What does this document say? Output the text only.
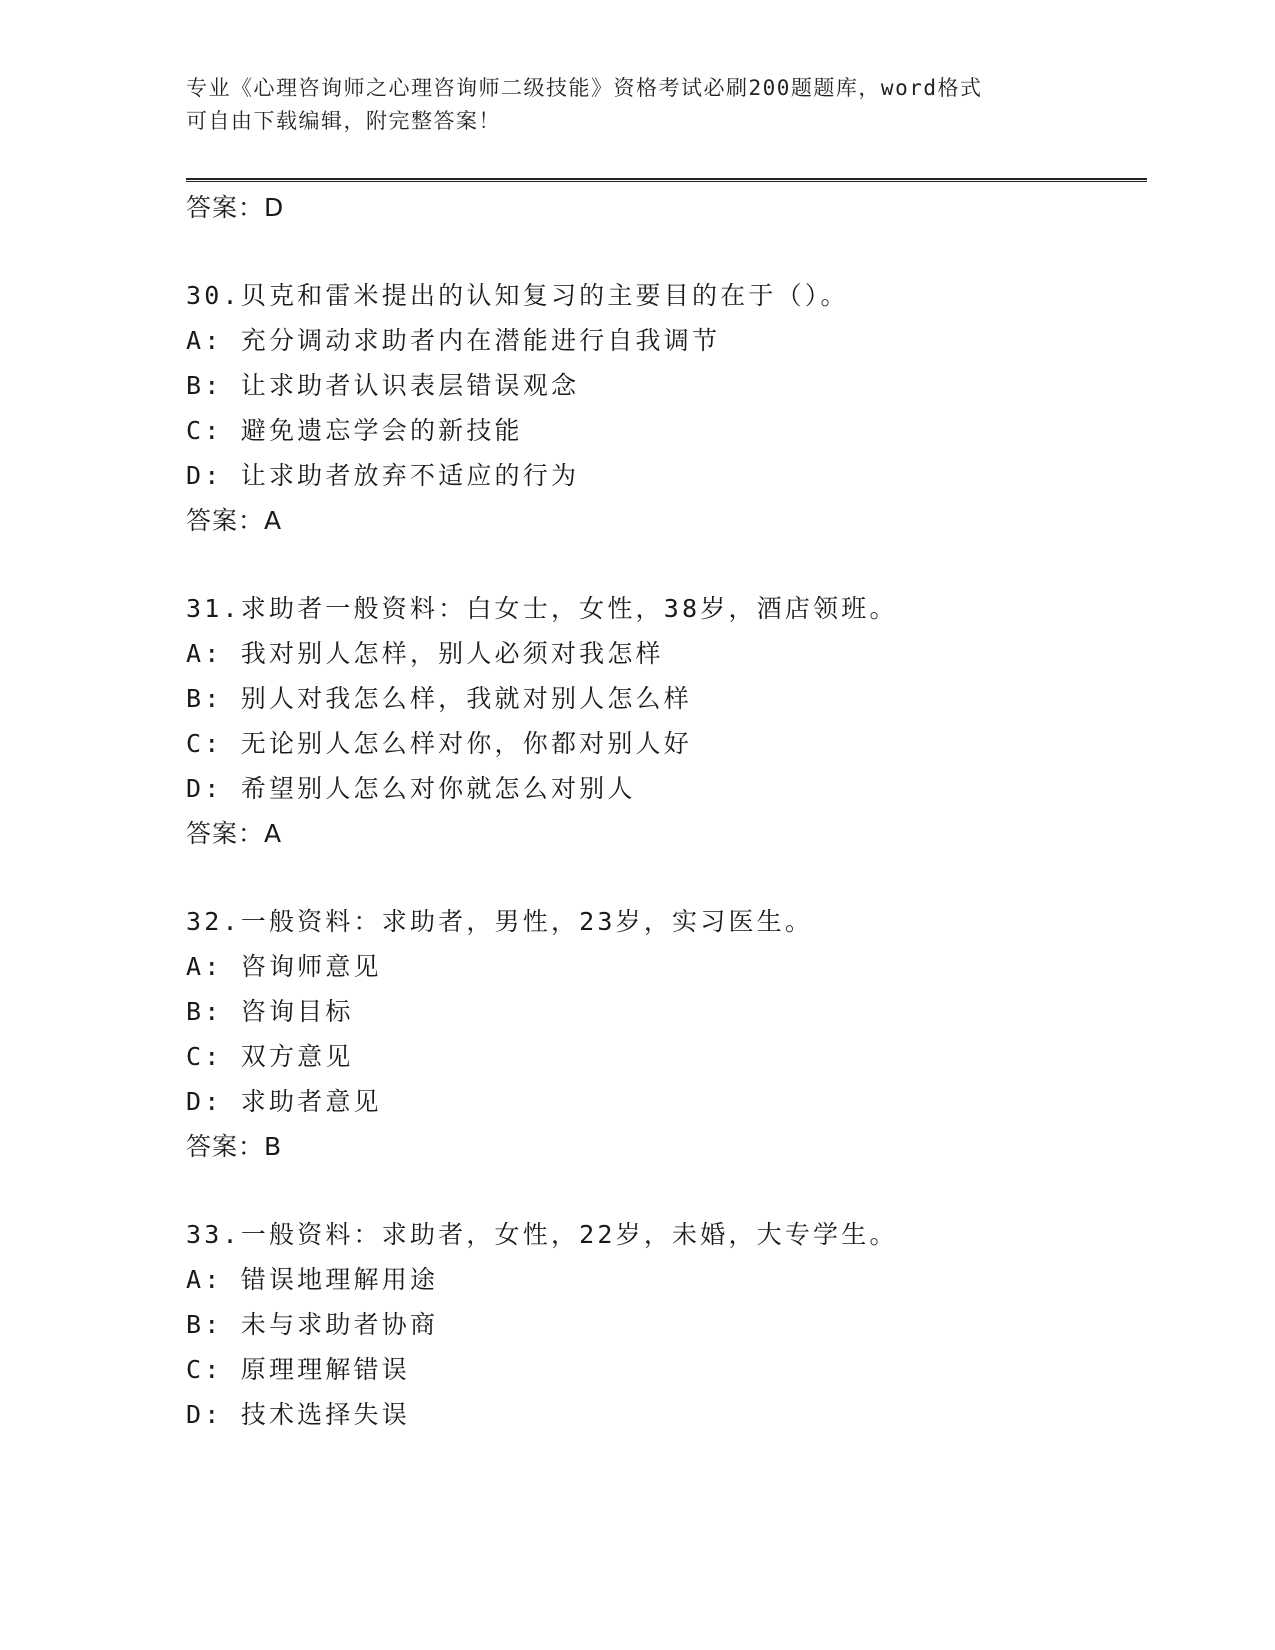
专业《心理咨询师之心理咨询师二级技能》资格考试必刷200题题库，word格式
可自由下载编辑，附完整答案！
答案：D
30.贝克和雷米提出的认知复习的主要目的在于（）。
A: 充分调动求助者内在潜能进行自我调节
B: 让求助者认识表层错误观念
C: 避免遗忘学会的新技能
D: 让求助者放弃不适应的行为
答案：A
31.求助者一般资料：白女士，女性，38岁，酒店领班。
A: 我对别人怎样，别人必须对我怎样
B: 别人对我怎么样，我就对别人怎么样
C: 无论别人怎么样对你，你都对别人好
D: 希望别人怎么对你就怎么对别人
答案：A
32.一般资料：求助者，男性，23岁，实习医生。
A: 咨询师意见
B: 咨询目标
C: 双方意见
D: 求助者意见
答案：B
33.一般资料：求助者，女性，22岁，未婚，大专学生。
A: 错误地理解用途
B: 未与求助者协商
C: 原理理解错误
D: 技术选择失误
